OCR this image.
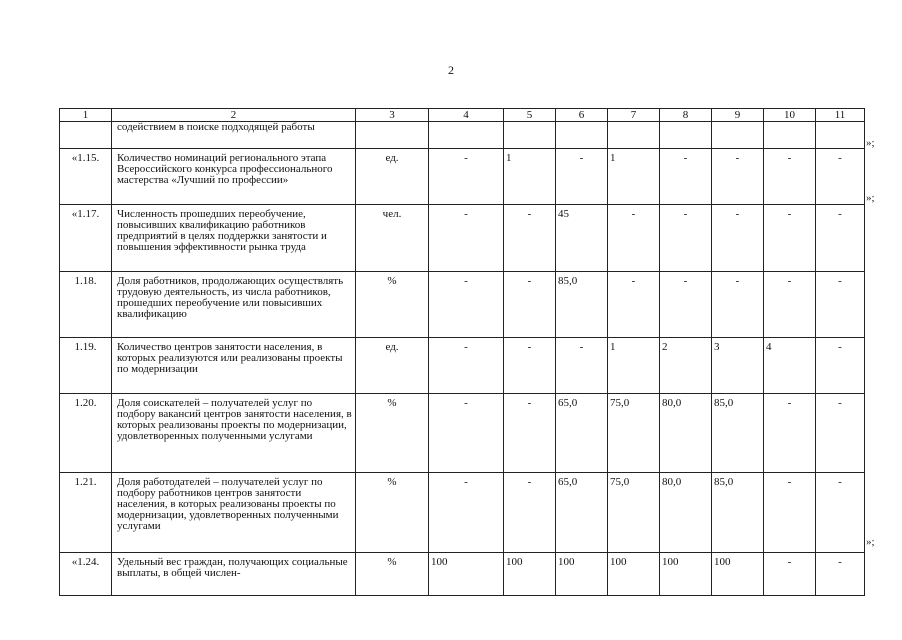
2
1	2	3	4	5	6	7	8	9	10	11
	содействием в поиске подходящей работы									
«1.15.	Количество номинаций регионального этапа Всероссийского конкурса профессионального мастерства «Лучший по профессии»	ед.	-	1	-	1	-	-	-	-
«1.17.	Численность прошедших переобучение, повысивших квалификацию работников предприятий в целях поддержки занятости и повышения эффективности рынка труда	чел.	-	-	45	-	-	-	-	-
1.18.	Доля работников, продолжающих осуществлять трудовую деятельность, из числа работников, прошедших переобучение или повысивших квалификацию	%	-	-	85,0	-	-	-	-	-
1.19.	Количество центров занятости населения, в которых реализуются или реализованы проекты по модернизации	ед.	-	-	-	1	2	3	4	-
1.20.	Доля соискателей – получателей услуг по подбору вакансий центров занятости населения, в которых реализованы проекты по модернизации, удовлетворенных полученными услугами	%	-	-	65,0	75,0	80,0	85,0	-	-
1.21.	Доля работодателей – получателей услуг по подбору работников центров занятости населения, в которых реализованы проекты по модернизации, удовлетворенных полученными услугами	%	-	-	65,0	75,0	80,0	85,0	-	-
«1.24.	Удельный вес граждан, получающих социальные выплаты, в общей числен-	%	100	100	100	100	100	100	-	-
»;
»;
»;
